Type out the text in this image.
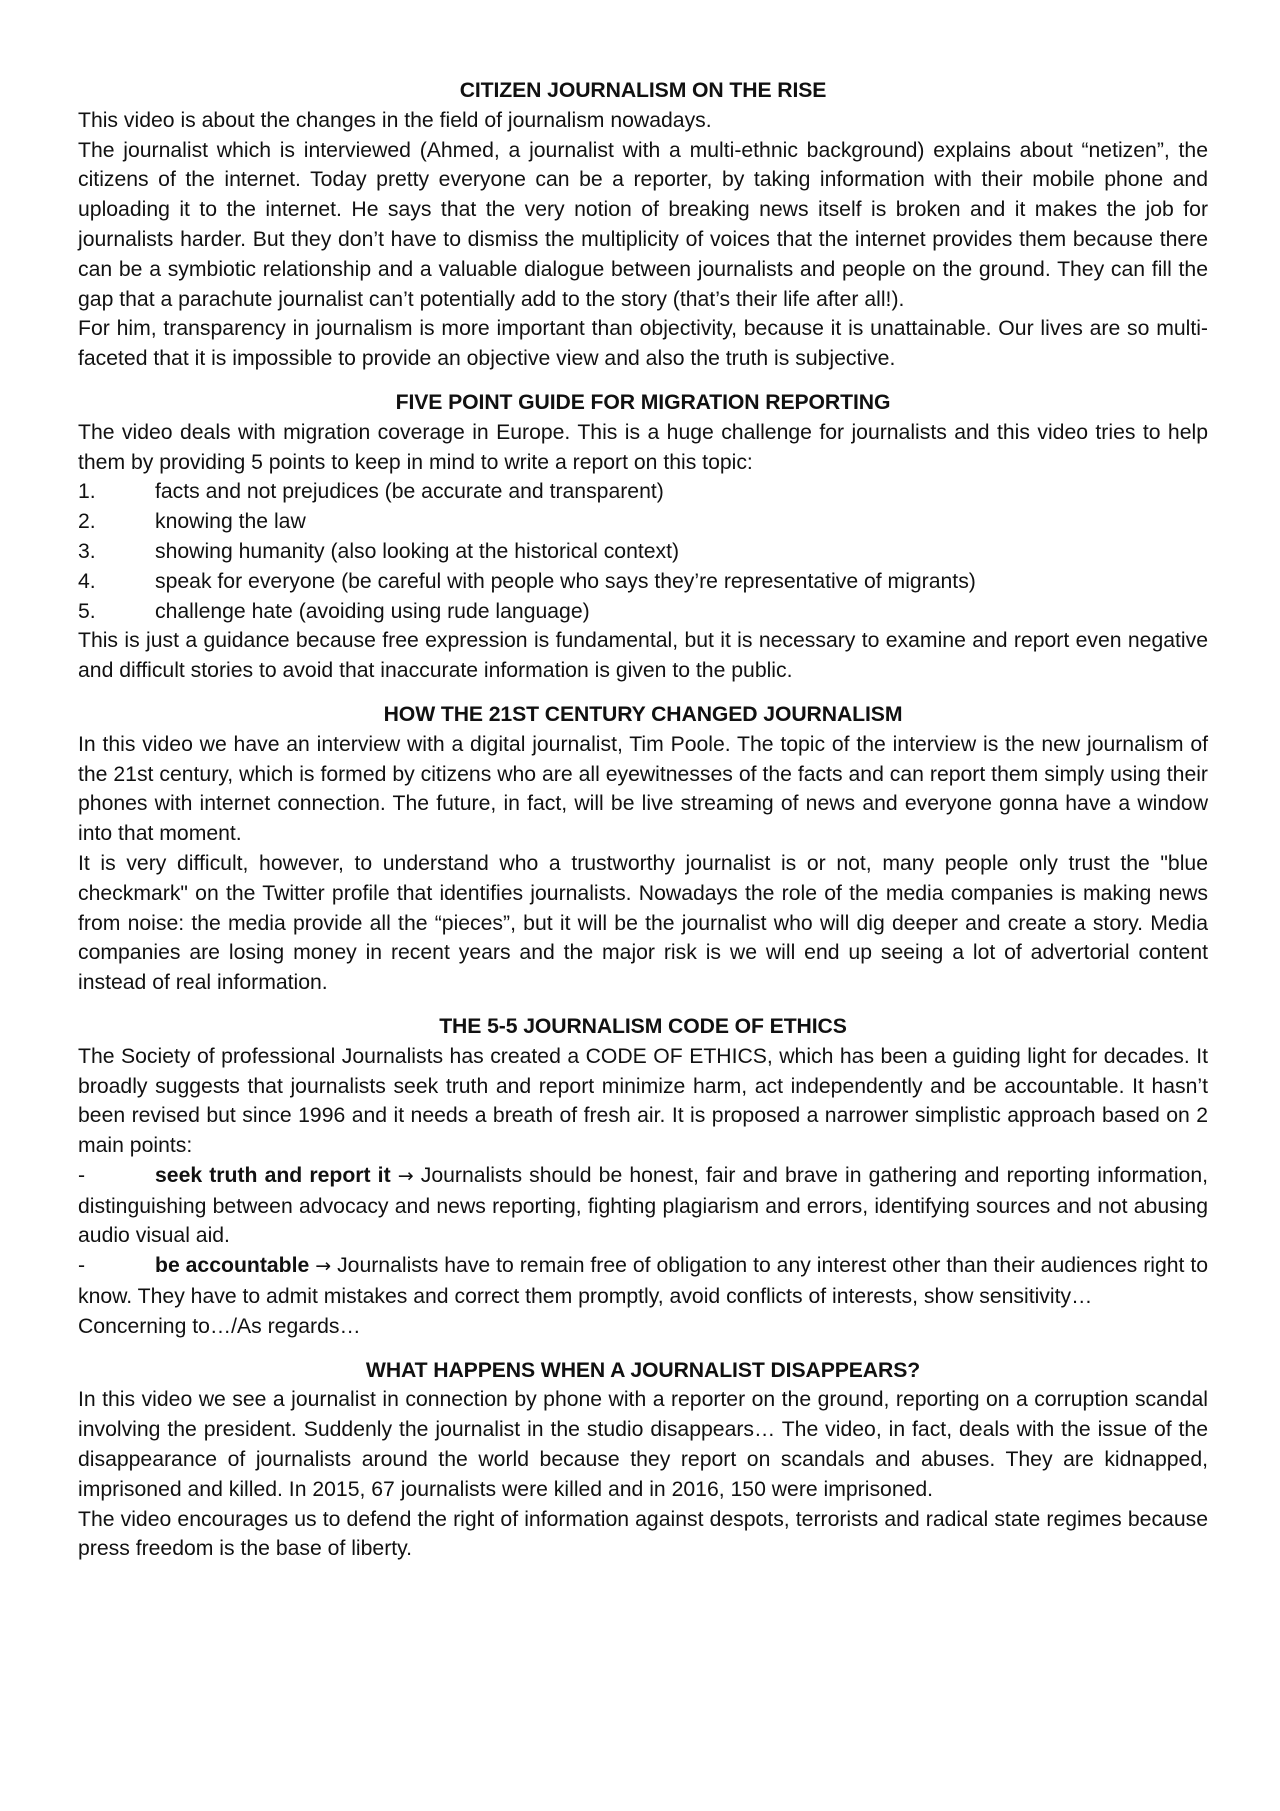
CITIZEN JOURNALISM ON THE RISE

This video is about the changes in the field of journalism nowadays.

The journalist which is interviewed (Ahmed, a journalist with a multi-ethnic background) explains about “netizen”, the citizens of the internet. Today pretty everyone can be a reporter, by taking information with their mobile phone and uploading it to the internet. He says that the very notion of breaking news itself is broken and it makes the job for journalists harder. But they don’t have to dismiss the multiplicity of voices that the internet provides them because there can be a symbiotic relationship and a valuable dialogue between journalists and people on the ground. They can fill the gap that a parachute journalist can’t potentially add to the story (that’s their life after all!).

For him, transparency in journalism is more important than objectivity, because it is unattainable. Our lives are so multi-faceted that it is impossible to provide an objective view and also the truth is subjective.

FIVE POINT GUIDE FOR MIGRATION REPORTING

The video deals with migration coverage in Europe. This is a huge challenge for journalists and this video tries to help them by providing 5 points to keep in mind to write a report on this topic:

1.	facts and not prejudices (be accurate and transparent)
2.	knowing the law
3.	showing humanity (also looking at the historical context)
4.	speak for everyone (be careful with people who says they’re representative of migrants)
5.	challenge hate (avoiding using rude language)

This is just a guidance because free expression is fundamental, but it is necessary to examine and report even negative and difficult stories to avoid that inaccurate information is given to the public.

HOW THE 21ST CENTURY CHANGED JOURNALISM

In this video we have an interview with a digital journalist, Tim Poole. The topic of the interview is the new journalism of the 21st century, which is formed by citizens who are all eyewitnesses of the facts and can report them simply using their phones with internet connection. The future, in fact, will be live streaming of news and everyone gonna have a window into that moment.

It is very difficult, however, to understand who a trustworthy journalist is or not, many people only trust the "blue checkmark" on the Twitter profile that identifies journalists. Nowadays the role of the media companies is making news from noise: the media provide all the “pieces”, but it will be the journalist who will dig deeper and create a story. Media companies are losing money in recent years and the major risk is we will end up seeing a lot of advertorial content instead of real information.

THE 5-5 JOURNALISM CODE OF ETHICS

The Society of professional Journalists has created a CODE OF ETHICS, which has been a guiding light for decades. It broadly suggests that journalists seek truth and report minimize harm, act independently and be accountable. It hasn’t been revised but since 1996 and it needs a breath of fresh air. It is proposed a narrower simplistic approach based on 2 main points:

-	seek truth and report it → Journalists should be honest, fair and brave in gathering and reporting information, distinguishing between advocacy and news reporting, fighting plagiarism and errors, identifying sources and not abusing audio visual aid.

-	be accountable → Journalists have to remain free of obligation to any interest other than their audiences right to know. They have to admit mistakes and correct them promptly, avoid conflicts of interests, show sensitivity…

Concerning to…/As regards…

WHAT HAPPENS WHEN A JOURNALIST DISAPPEARS?

In this video we see a journalist in connection by phone with a reporter on the ground, reporting on a corruption scandal involving the president. Suddenly the journalist in the studio disappears… The video, in fact, deals with the issue of the disappearance of journalists around the world because they report on scandals and abuses. They are kidnapped, imprisoned and killed. In 2015, 67 journalists were killed and in 2016, 150 were imprisoned.

The video encourages us to defend the right of information against despots, terrorists and radical state regimes because press freedom is the base of liberty.
